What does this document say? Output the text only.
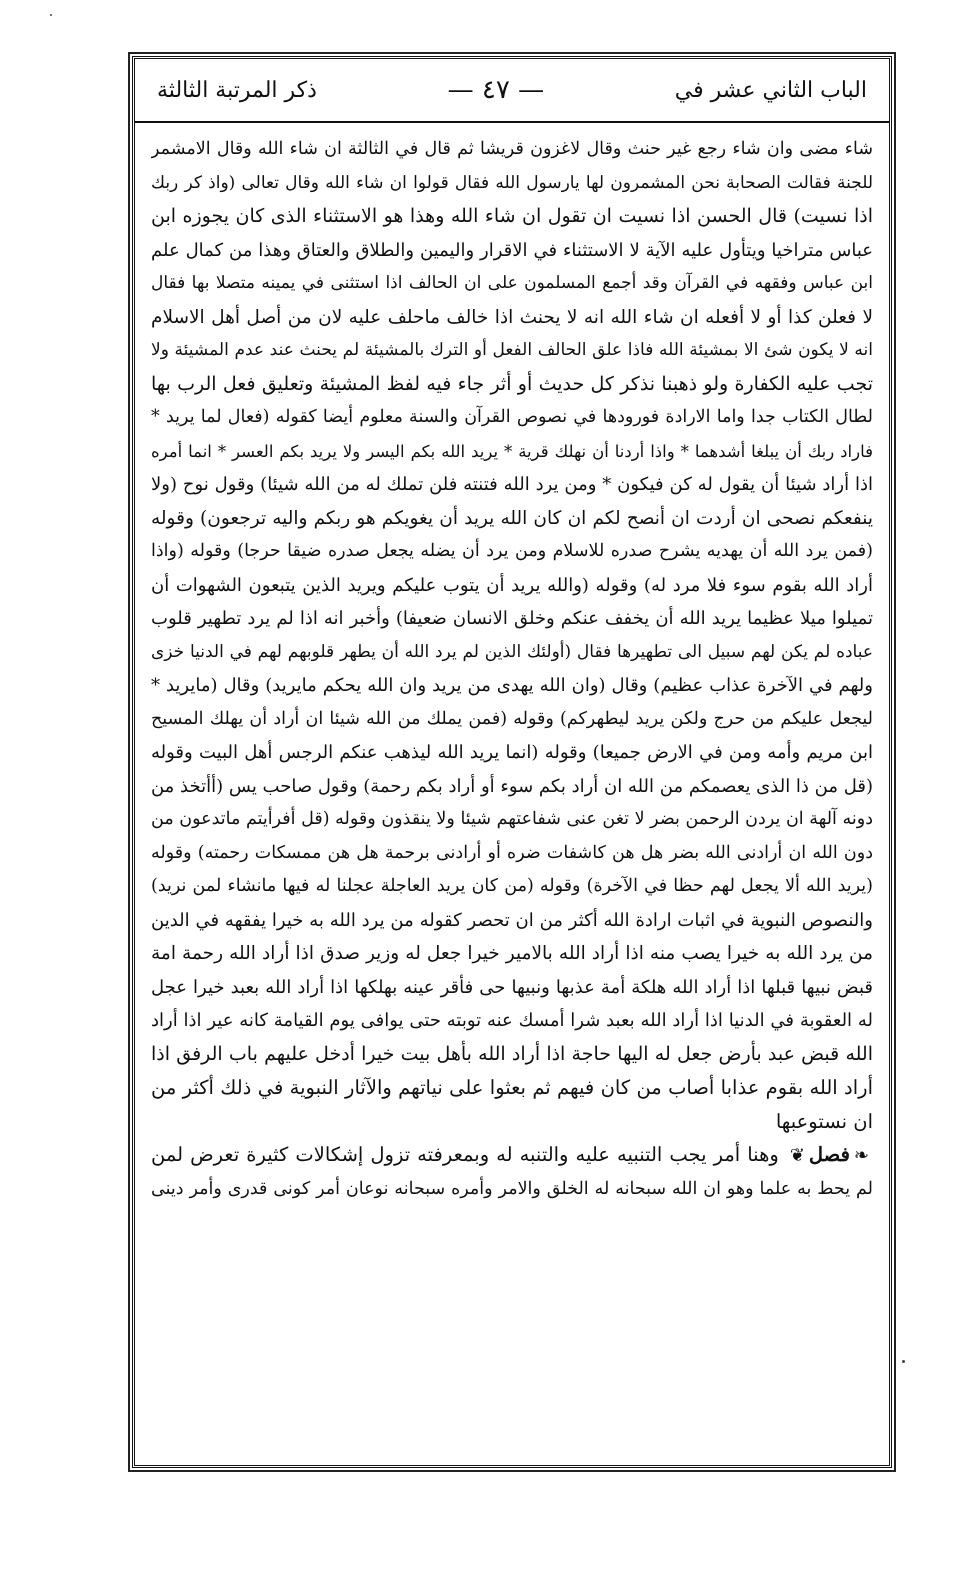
الباب الثاني عشر في
— ٤٧ —
ذكر المرتبة الثالثة
شاء مضى وان شاء رجع غير حنث وقال لاغزون قريشا ثم قال في الثالثة ان شاء الله وقال الامشمر
للجنة فقالت الصحابة نحن المشمرون لها يارسول الله فقال قولوا ان شاء الله وقال تعالى (واذ كر ربك
اذا نسيت) قال الحسن اذا نسيت ان تقول ان شاء الله وهذا هو الاستثناء الذى كان يجوزه ابن
عباس متراخيا ويتأول عليه الآية لا الاستثناء في الاقرار واليمين والطلاق والعتاق وهذا من كمال علم
ابن عباس وفقهه في القرآن وقد أجمع المسلمون على ان الحالف اذا استثنى في يمينه متصلا بها فقال
لا فعلن كذا أو لا أفعله ان شاء الله انه لا يحنث اذا خالف ماحلف عليه لان من أصل أهل الاسلام
انه لا يكون شئ الا بمشيئة الله فاذا علق الحالف الفعل أو الترك بالمشيئة لم يحنث عند عدم المشيئة ولا
تجب عليه الكفارة ولو ذهبنا نذكر كل حديث أو أثر جاء فيه لفظ المشيئة وتعليق فعل الرب بها
لطال الكتاب جدا واما الارادة فورودها في نصوص القرآن والسنة معلوم أيضا كقوله (فعال لما يريد *
فاراد ربك أن يبلغا أشدهما * واذا أردنا أن نهلك قرية * يريد الله بكم اليسر ولا يريد بكم العسر * انما أمره
اذا أراد شيئا أن يقول له كن فيكون * ومن يرد الله فتنته فلن تملك له من الله شيئا) وقول نوح (ولا
ينفعكم نصحى ان أردت ان أنصح لكم ان كان الله يريد أن يغويكم هو ربكم واليه ترجعون) وقوله
(فمن يرد الله أن يهديه يشرح صدره للاسلام ومن يرد أن يضله يجعل صدره ضيقا حرجا) وقوله (واذا
أراد الله بقوم سوء فلا مرد له) وقوله (والله يريد أن يتوب عليكم ويريد الذين يتبعون الشهوات أن
تميلوا ميلا عظيما يريد الله أن يخفف عنكم وخلق الانسان ضعيفا) وأخبر انه اذا لم يرد تطهير قلوب
عباده لم يكن لهم سبيل الى تطهيرها فقال (أولئك الذين لم يرد الله أن يطهر قلوبهم لهم في الدنيا خزى
ولهم في الآخرة عذاب عظيم) وقال (وان الله يهدى من يريد وان الله يحكم مايريد) وقال (مايريد *
ليجعل عليكم من حرج ولكن يريد ليطهركم) وقوله (فمن يملك من الله شيئا ان أراد أن يهلك المسيح
ابن مريم وأمه ومن في الارض جميعا) وقوله (انما يريد الله ليذهب عنكم الرجس أهل البيت وقوله
(قل من ذا الذى يعصمكم من الله ان أراد بكم سوء أو أراد بكم رحمة) وقول صاحب يس (أأتخذ من
دونه آلهة ان يردن الرحمن بضر لا تغن عنى شفاعتهم شيئا ولا ينقذون وقوله (قل أفرأيتم ماتدعون من
دون الله ان أرادنى الله بضر هل هن كاشفات ضره أو أرادنى برحمة هل هن ممسكات رحمته) وقوله
(يريد الله ألا يجعل لهم حظا في الآخرة) وقوله (من كان يريد العاجلة عجلنا له فيها مانشاء لمن نريد)
والنصوص النبوية في اثبات ارادة الله أكثر من ان تحصر كقوله من يرد الله به خيرا يفقهه في الدين
من يرد الله به خيرا يصب منه اذا أراد الله بالامير خيرا جعل له وزير صدق اذا أراد الله رحمة امة
قبض نبيها قبلها اذا أراد الله هلكة أمة عذبها ونبيها حى فأقر عينه بهلكها اذا أراد الله بعبد خيرا عجل
له العقوبة في الدنيا اذا أراد الله بعبد شرا أمسك عنه توبته حتى يوافى يوم القيامة كانه عير اذا أراد
الله قبض عبد بأرض جعل له اليها حاجة اذا أراد الله بأهل بيت خيرا أدخل عليهم باب الرفق اذا
أراد الله بقوم عذابا أصاب من كان فيهم ثم بعثوا على نياتهم والآثار النبوية في ذلك أكثر من
ان نستوعبها
❧فصل❦ وهنا أمر يجب التنبيه عليه والتنبه له وبمعرفته تزول إشكالات كثيرة تعرض لمن
لم يحط به علما وهو ان الله سبحانه له الخلق والامر وأمره سبحانه نوعان أمر كونى قدرى وأمر دينى
